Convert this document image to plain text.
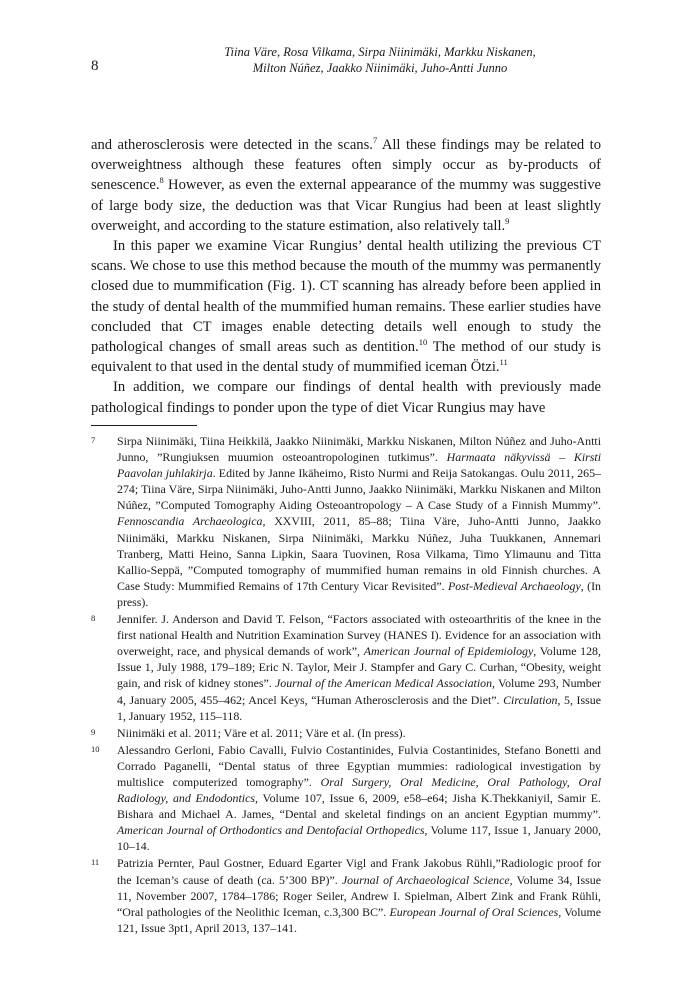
8
Tiina Väre, Rosa Vilkama, Sirpa Niinimäki, Markku Niskanen,
Milton Núñez, Jaakko Niinimäki, Juho-Antti Junno

and atherosclerosis were detected in the scans.$^7$ All these findings may be related to overweightness although these features often simply occur as by-products of senescence.$^8$ However, as even the external appearance of the mummy was suggestive of large body size, the deduction was that Vicar Rungius had been at least slightly overweight, and according to the stature estimation, also relatively tall.$^9$

In this paper we examine Vicar Rungius’ dental health utilizing the previous CT scans. We chose to use this method because the mouth of the mummy was permanently closed due to mummification (Fig. 1). CT scanning has already before been applied in the study of dental health of the mummified human remains. These earlier studies have concluded that CT images enable detecting details well enough to study the pathological changes of small areas such as dentition.$^{10}$ The method of our study is equivalent to that used in the dental study of mummified iceman Ötzi.$^{11}$

In addition, we compare our findings of dental health with previously made pathological findings to ponder upon the type of diet Vicar Rungius may have

7 Sirpa Niinimäki, Tiina Heikkilä, Jaakko Niinimäki, Markku Niskanen, Milton Núñez and Juho-Antti Junno, ”Rungiuksen muumion osteoantropologinen tutkimus”. Harmaata näkyvissä – Kirsti Paavolan juhlakirja. Edited by Janne Ikäheimo, Risto Nurmi and Reija Satokangas. Oulu 2011, 265–274; Tiina Väre, Sirpa Niinimäki, Juho-Antti Junno, Jaakko Niinimäki, Markku Niskanen and Milton Núñez, ”Computed Tomography Aiding Osteoantropology – A Case Study of a Finnish Mummy”. Fennoscandia Archaeologica, XXVIII, 2011, 85–88; Tiina Väre, Juho-Antti Junno, Jaakko Niinimäki, Markku Niskanen, Sirpa Niinimäki, Markku Núñez, Juha Tuukkanen, Annemari Tranberg, Matti Heino, Sanna Lipkin, Saara Tuovinen, Rosa Vilkama, Timo Ylimaunu and Titta Kallio-Seppä, ”Computed tomography of mummified human remains in old Finnish churches. A Case Study: Mummified Remains of 17th Century Vicar Revisited”. Post-Medieval Archaeology, (In press).
8 Jennifer. J. Anderson and David T. Felson, “Factors associated with osteoarthritis of the knee in the first national Health and Nutrition Examination Survey (HANES I). Evidence for an association with overweight, race, and physical demands of work”, American Journal of Epidemiology, Volume 128, Issue 1, July 1988, 179–189; Eric N. Taylor, Meir J. Stampfer and Gary C. Curhan, “Obesity, weight gain, and risk of kidney stones”. Journal of the American Medical Association, Volume 293, Number 4, January 2005, 455–462; Ancel Keys, “Human Atherosclerosis and the Diet”. Circulation, 5, Issue 1, January 1952, 115–118.
9 Niinimäki et al. 2011; Väre et al. 2011; Väre et al. (In press).
10 Alessandro Gerloni, Fabio Cavalli, Fulvio Costantinides, Fulvia Costantinides, Stefano Bonetti and Corrado Paganelli, “Dental status of three Egyptian mummies: radiological investigation by multislice computerized tomography”. Oral Surgery, Oral Medicine, Oral Pathology, Oral Radiology, and Endodontics, Volume 107, Issue 6, 2009, e58–e64; Jisha K.Thekkaniyil, Samir E. Bishara and Michael A. James, “Dental and skeletal findings on an ancient Egyptian mummy”. American Journal of Orthodontics and Dentofacial Orthopedics, Volume 117, Issue 1, January 2000, 10–14.
11 Patrizia Pernter, Paul Gostner, Eduard Egarter Vigl and Frank Jakobus Rühli,”Radiologic proof for the Iceman’s cause of death (ca. 5’300 BP)”. Journal of Archaeological Science, Volume 34, Issue 11, November 2007, 1784–1786; Roger Seiler, Andrew I. Spielman, Albert Zink and Frank Rühli, “Oral pathologies of the Neolithic Iceman, c.3,300 BC”. European Journal of Oral Sciences, Volume 121, Issue 3pt1, April 2013, 137–141.
